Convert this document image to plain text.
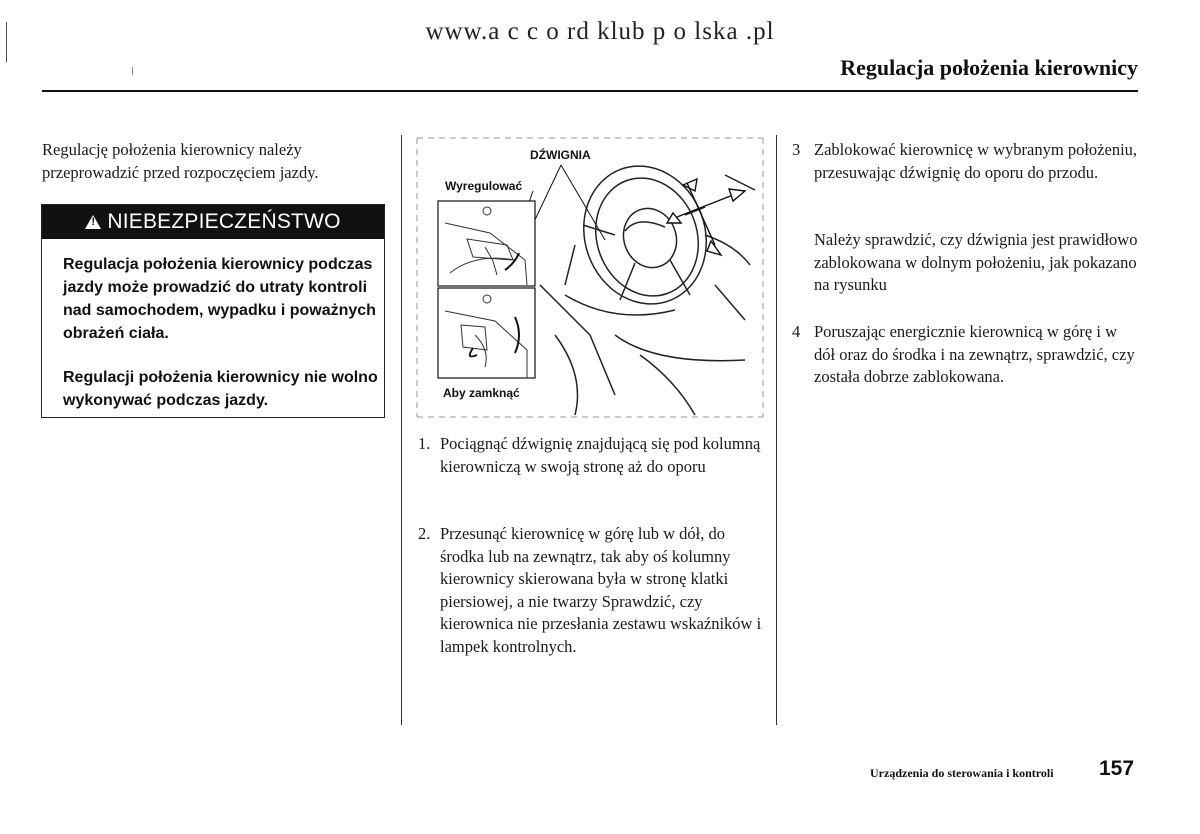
www.a c c o rd klub p o lska .pl
Regulacja położenia kierownicy
Regulację położenia kierownicy należy przeprowadzić przed rozpoczęciem jazdy.
!
NIEBEZPIECZEŃSTWO
Regulacja położenia kierownicy podczas jazdy może prowadzić do utraty kontroli nad samochodem, wypadku i poważnych obrażeń ciała.
Regulacji położenia kierownicy nie wolno wykonywać podczas jazdy.
DŹWIGNIA
Wyregulować
Aby zamknąć
1. Pociągnąć dźwignię znajdującą się pod kolumną kierowniczą w swoją stronę aż do oporu
2. Przesunąć kierownicę w górę lub w dół, do środka lub na zewnątrz, tak aby oś kolumny kierownicy skierowana była w stronę klatki piersiowej, a nie twarzy Sprawdzić, czy kierownica nie przesłania zestawu wskaźników i lampek kontrolnych.
3 Zablokować kierownicę w wybranym położeniu, przesuwając dźwignię do oporu do przodu.
Należy sprawdzić, czy dźwignia jest prawidłowo zablokowana w dolnym położeniu, jak pokazano na rysunku
4 Poruszając energicznie kierownicą w górę i w dół oraz do środka i na zewnątrz, sprawdzić, czy została dobrze zablokowana.
Urządzenia do sterowania i kontroli 157
